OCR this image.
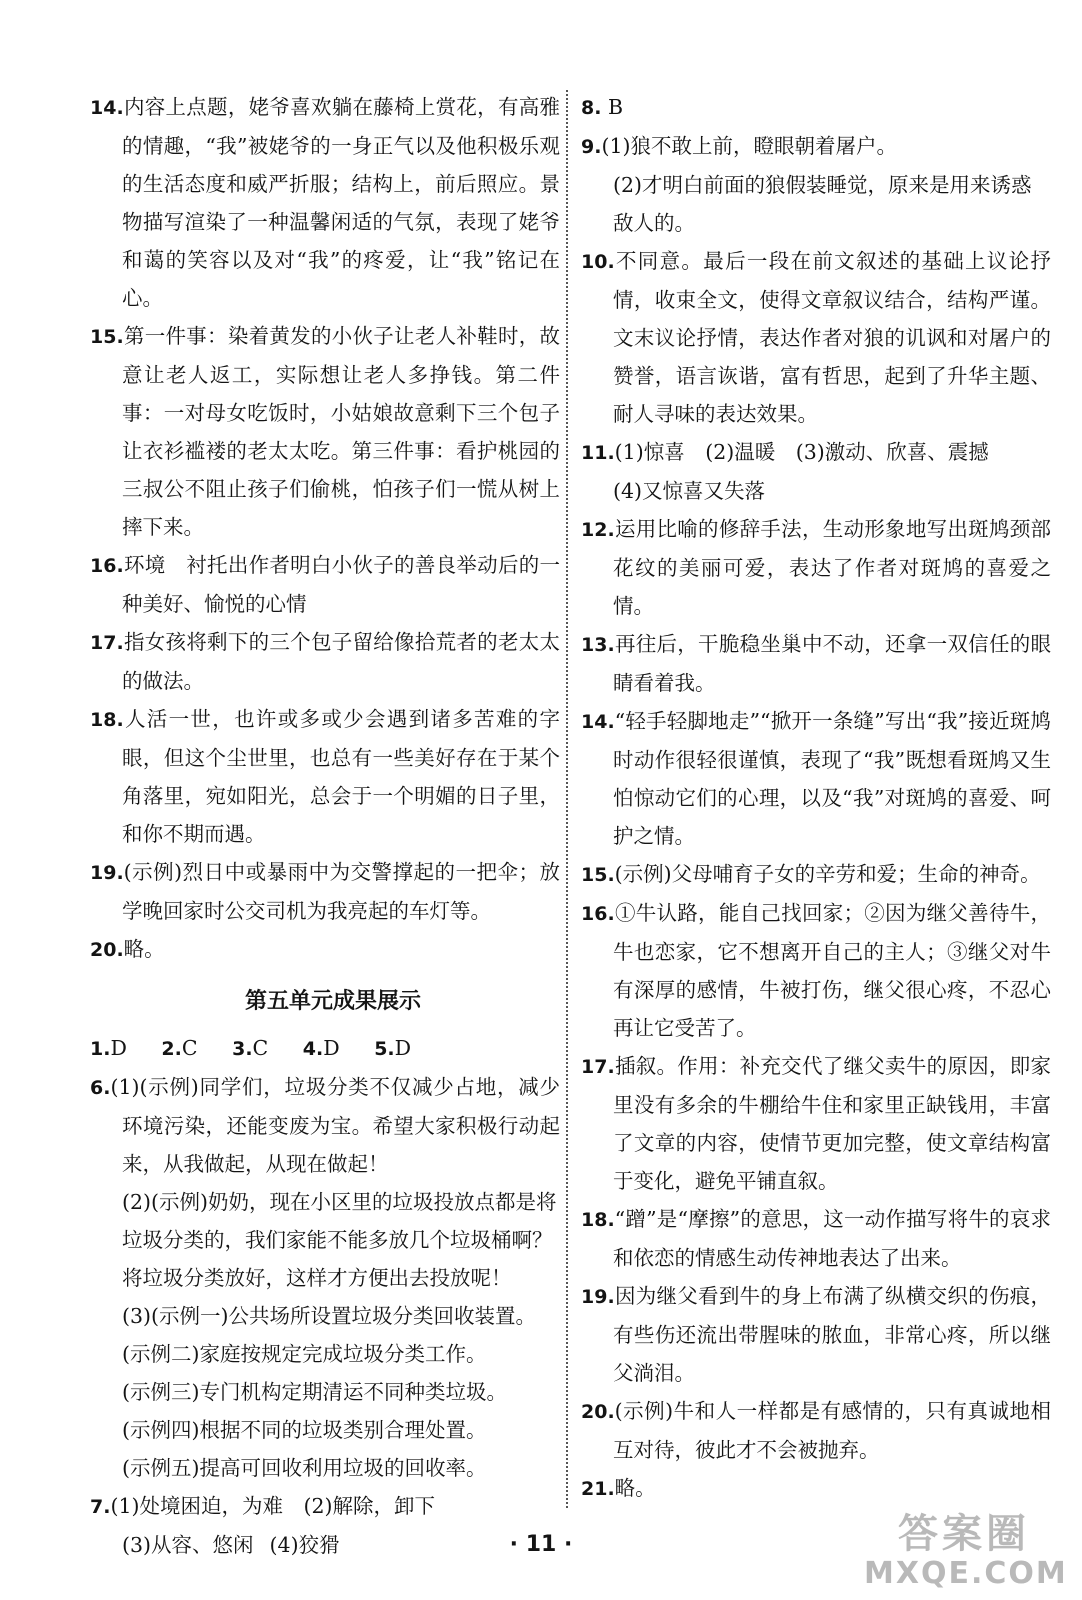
14.内容上点题，姥爷喜欢躺在藤椅上赏花，有高雅的情趣，“我”被姥爷的一身正气以及他积极乐观的生活态度和威严折服；结构上，前后照应。景物描写渲染了一种温馨闲适的气氛，表现了姥爷和蔼的笑容以及对“我”的疼爱，让“我”铭记在心。
15.第一件事：染着黄发的小伙子让老人补鞋时，故意让老人返工，实际想让老人多挣钱。第二件事：一对母女吃饭时，小姑娘故意剩下三个包子让衣衫褴褛的老太太吃。第三件事：看护桃园的三叔公不阻止孩子们偷桃，怕孩子们一慌从树上摔下来。
16.环境　衬托出作者明白小伙子的善良举动后的一种美好、愉悦的心情
17.指女孩将剩下的三个包子留给像拾荒者的老太太的做法。
18.人活一世，也许或多或少会遇到诸多苦难的字眼，但这个尘世里，也总有一些美好存在于某个角落里，宛如阳光，总会于一个明媚的日子里，和你不期而遇。
19.(示例)烈日中或暴雨中为交警撑起的一把伞；放学晚回家时公交司机为我亮起的车灯等。
20.略。
第五单元成果展示
1.D 2.C 3.C 4.D 5.D
6.(1)(示例)同学们，垃圾分类不仅减少占地，减少环境污染，还能变废为宝。希望大家积极行动起来，从我做起，从现在做起！
(2)(示例)奶奶，现在小区里的垃圾投放点都是将垃圾分类的，我们家能不能多放几个垃圾桶啊？将垃圾分类放好，这样才方便出去投放呢！
(3)(示例一)公共场所设置垃圾分类回收装置。
(示例二)家庭按规定完成垃圾分类工作。
(示例三)专门机构定期清运不同种类垃圾。
(示例四)根据不同的垃圾类别合理处置。
(示例五)提高可回收利用垃圾的回收率。
7.(1)处境困迫，为难　 (2)解除，卸下
(3)从容、悠闲 (4)狡猾
8. B
9.(1)狼不敢上前，瞪眼朝着屠户。
(2)才明白前面的狼假装睡觉，原来是用来诱惑敌人的。
10.不同意。最后一段在前文叙述的基础上议论抒情，收束全文，使得文章叙议结合，结构严谨。文末议论抒情，表达作者对狼的讥讽和对屠户的赞誉，语言诙谐，富有哲思，起到了升华主题、耐人寻味的表达效果。
11.(1)惊喜　 (2)温暖　 (3)激动、欣喜、震撼
(4)又惊喜又失落
12.运用比喻的修辞手法，生动形象地写出斑鸠颈部花纹的美丽可爱，表达了作者对斑鸠的喜爱之情。
13.再往后，干脆稳坐巢中不动，还拿一双信任的眼睛看着我。
14.“轻手轻脚地走”“掀开一条缝”写出“我”接近斑鸠时动作很轻很谨慎，表现了“我”既想看斑鸠又生怕惊动它们的心理，以及“我”对斑鸠的喜爱、呵护之情。
15.(示例)父母哺育子女的辛劳和爱；生命的神奇。
16.①牛认路，能自己找回家；②因为继父善待牛，牛也恋家，它不想离开自己的主人；③继父对牛有深厚的感情，牛被打伤，继父很心疼，不忍心再让它受苦了。
17.插叙。作用：补充交代了继父卖牛的原因，即家里没有多余的牛棚给牛住和家里正缺钱用，丰富了文章的内容，使情节更加完整，使文章结构富于变化，避免平铺直叙。
18.“蹭”是“摩擦”的意思，这一动作描写将牛的哀求和依恋的情感生动传神地表达了出来。
19.因为继父看到牛的身上布满了纵横交织的伤痕，有些伤还流出带腥味的脓血，非常心疼，所以继父淌泪。
20.(示例)牛和人一样都是有感情的，只有真诚地相互对待，彼此才不会被抛弃。
21.略。
· 11 ·	答案圈
MXQE.COM
